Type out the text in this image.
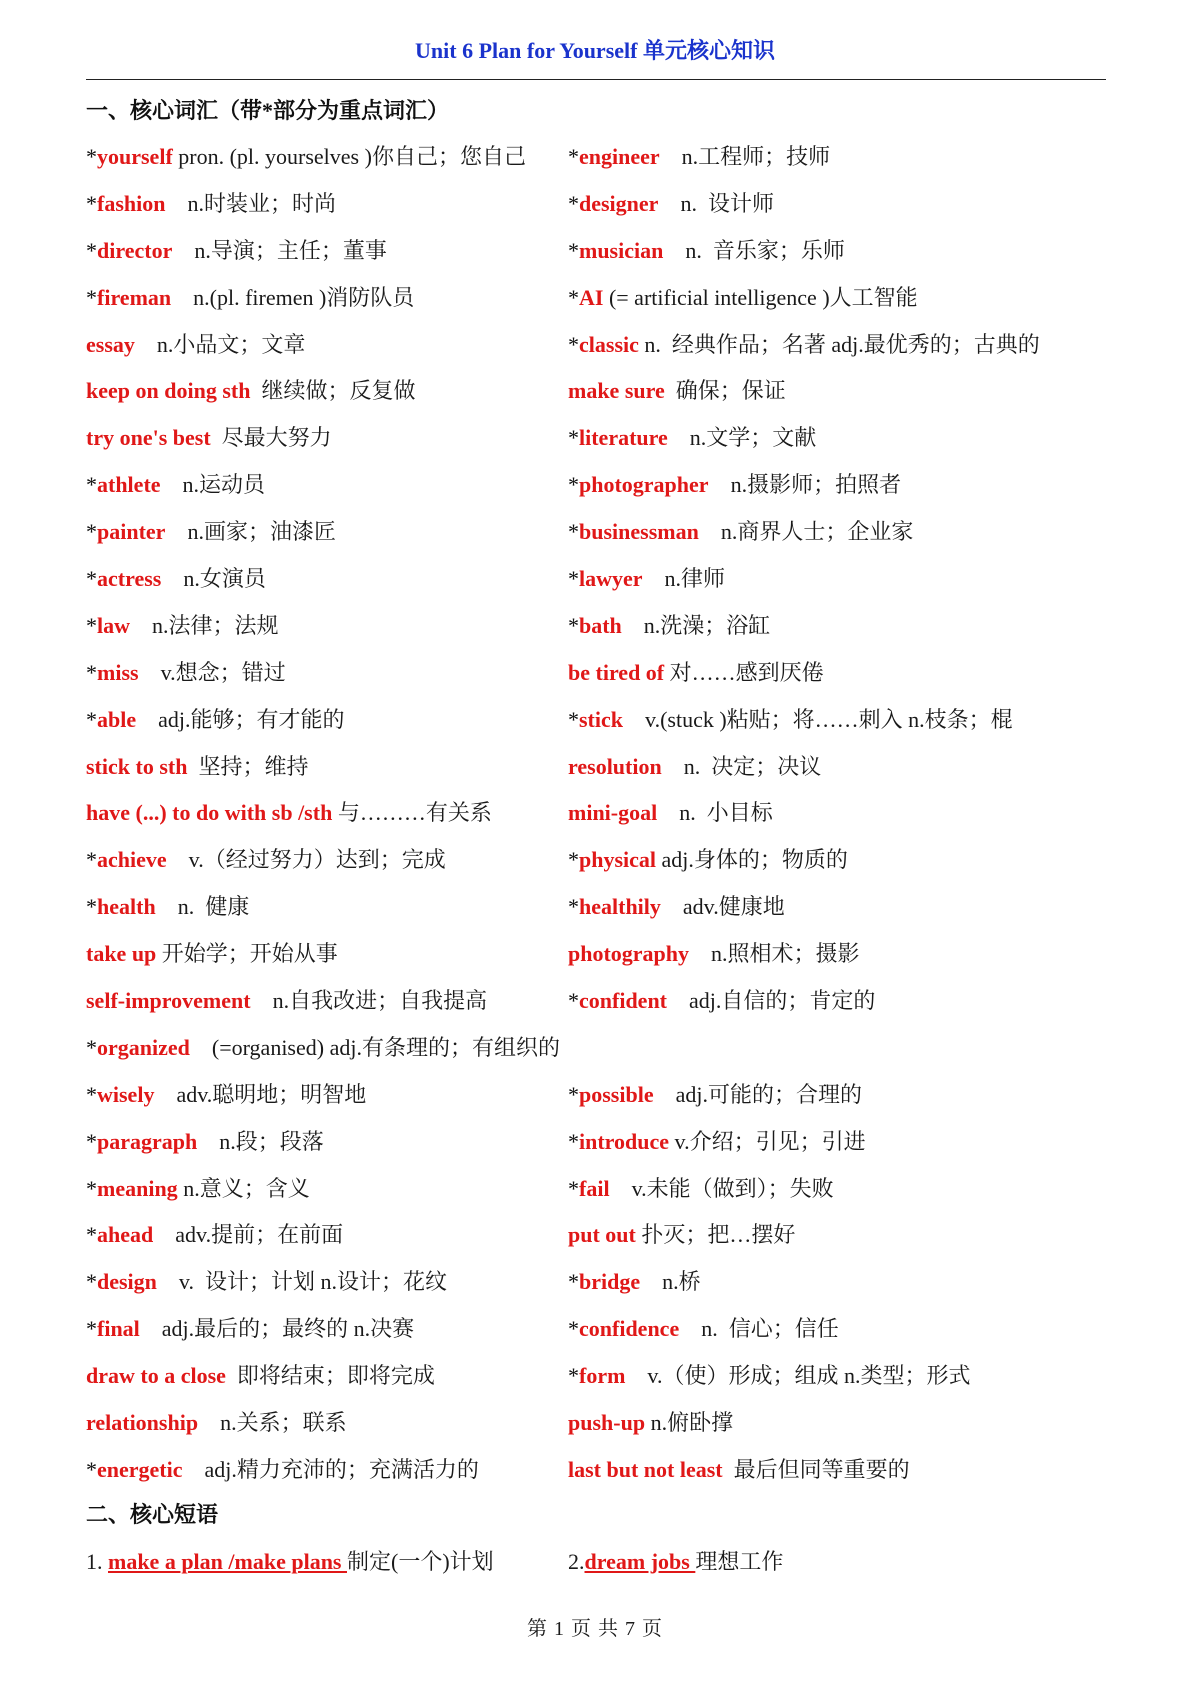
Unit 6 Plan for Yourself 单元核心知识
一、核心词汇（带*部分为重点词汇）
*yourself pron. (pl. yourselves )你自己；您自己 *engineer    n.工程师；技师
*fashion    n.时装业；时尚	*designer    n.  设计师
*director    n.导演；主任；董事	*musician    n.  音乐家；乐师
*fireman    n.(pl. firemen )消防队员	*AI (= artificial intelligence )人工智能
essay    n.小品文；文章	*classic n.  经典作品；名著 adj.最优秀的；古典的
keep on doing sth  继续做；反复做	make sure  确保；保证
try one's best  尽最大努力	*literature    n.文学；文献
*athlete    n.运动员	*photographer    n.摄影师；拍照者
*painter    n.画家；油漆匠	*businessman    n.商界人士；企业家
*actress    n.女演员	*lawyer    n.律师
*law    n.法律；法规	*bath    n.洗澡；浴缸
*miss    v.想念；错过	be tired of 对……感到厌倦
*able    adj.能够；有才能的	*stick    v.(stuck )粘贴；将……刺入 n.枝条；棍
stick to sth  坚持；维持	resolution    n.  决定；决议
have (...) to do with sb /sth 与………有关系	mini-goal    n.  小目标
*achieve    v.（经过努力）达到；完成	*physical adj.身体的；物质的
*health    n.  健康	*healthily    adv.健康地
take up 开始学；开始从事	photography    n.照相术；摄影
self-improvement    n.自我改进；自我提高	*confident    adj.自信的；肯定的
*organized    (=organised) adj.有条理的；有组织的
*wisely    adv.聪明地；明智地	*possible    adj.可能的；合理的
*paragraph    n.段；段落	*introduce v.介绍；引见；引进
*meaning n.意义；含义	*fail    v.未能（做到）；失败
*ahead    adv.提前；在前面	put out 扑灭；把…摆好
*design    v.  设计；计划 n.设计；花纹	*bridge    n.桥
*final    adj.最后的；最终的 n.决赛	*confidence    n.  信心；信任
draw to a close  即将结束；即将完成	*form    v.（使）形成；组成 n.类型；形式
relationship    n.关系；联系	push-up n.俯卧撑
*energetic    adj.精力充沛的；充满活力的	last but not least  最后但同等重要的
二、核心短语
1. make a plan /make plans 制定(一个)计划	2.dream jobs 理想工作
第 1 页 共 7 页
